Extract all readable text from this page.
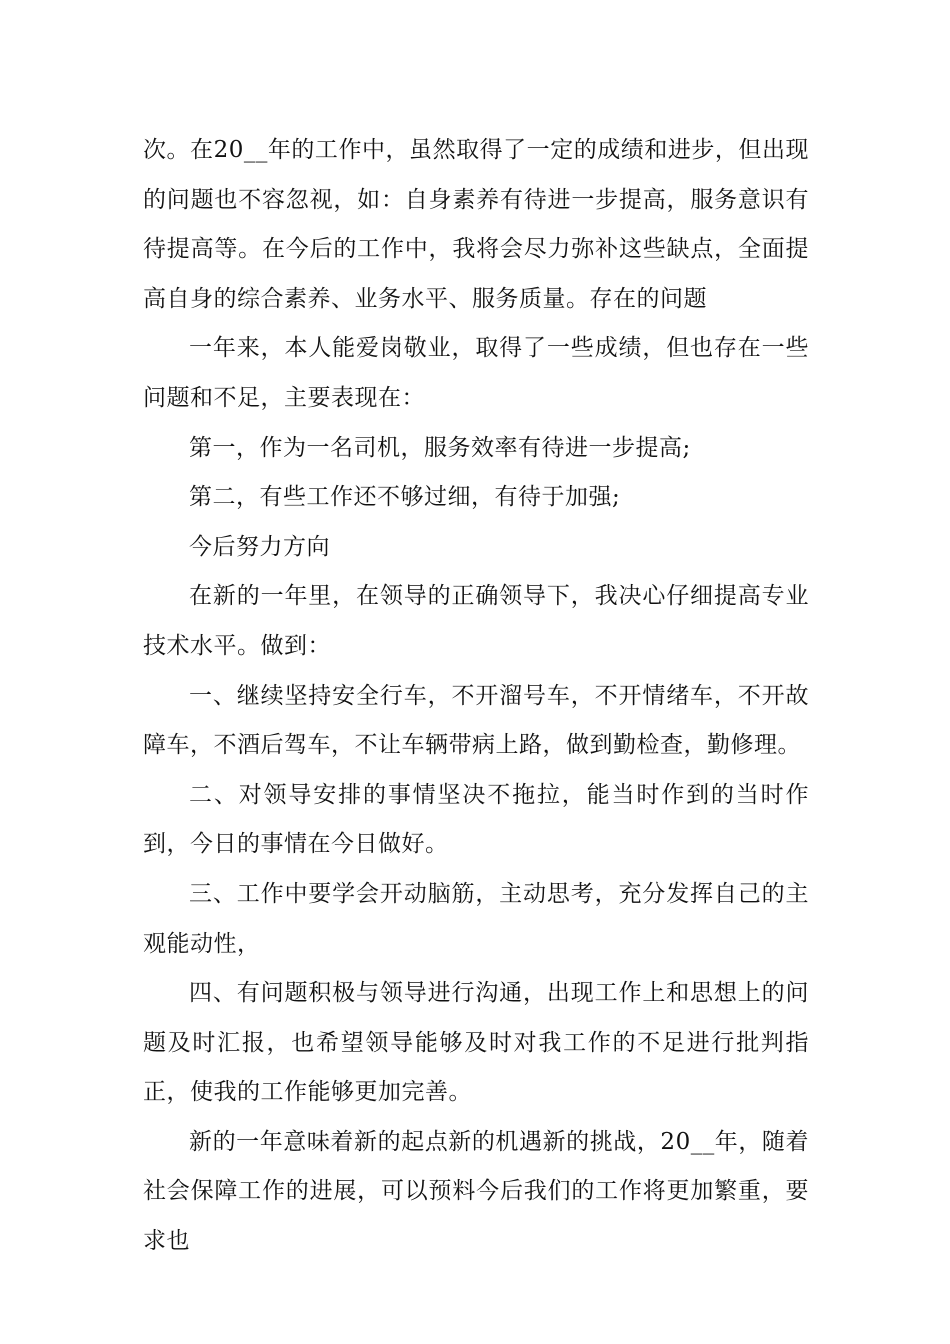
次。在20__年的工作中，虽然取得了一定的成绩和进步，但出现的问题也不容忽视，如：自身素养有待进一步提高，服务意识有待提高等。在今后的工作中，我将会尽力弥补这些缺点，全面提高自身的综合素养、业务水平、服务质量。存在的问题

一年来，本人能爱岗敬业，取得了一些成绩，但也存在一些问题和不足，主要表现在：

第一，作为一名司机，服务效率有待进一步提高;

第二，有些工作还不够过细，有待于加强;

今后努力方向

在新的一年里，在领导的正确领导下，我决心仔细提高专业技术水平。做到：

一、继续坚持安全行车，不开溜号车，不开情绪车，不开故障车，不酒后驾车，不让车辆带病上路，做到勤检查，勤修理。

二、对领导安排的事情坚决不拖拉，能当时作到的当时作到，今日的事情在今日做好。

三、工作中要学会开动脑筋，主动思考，充分发挥自己的主观能动性，

四、有问题积极与领导进行沟通，出现工作上和思想上的问题及时汇报，也希望领导能够及时对我工作的不足进行批判指正，使我的工作能够更加完善。

新的一年意味着新的起点新的机遇新的挑战，20__年，随着社会保障工作的进展，可以预料今后我们的工作将更加繁重，要求也
